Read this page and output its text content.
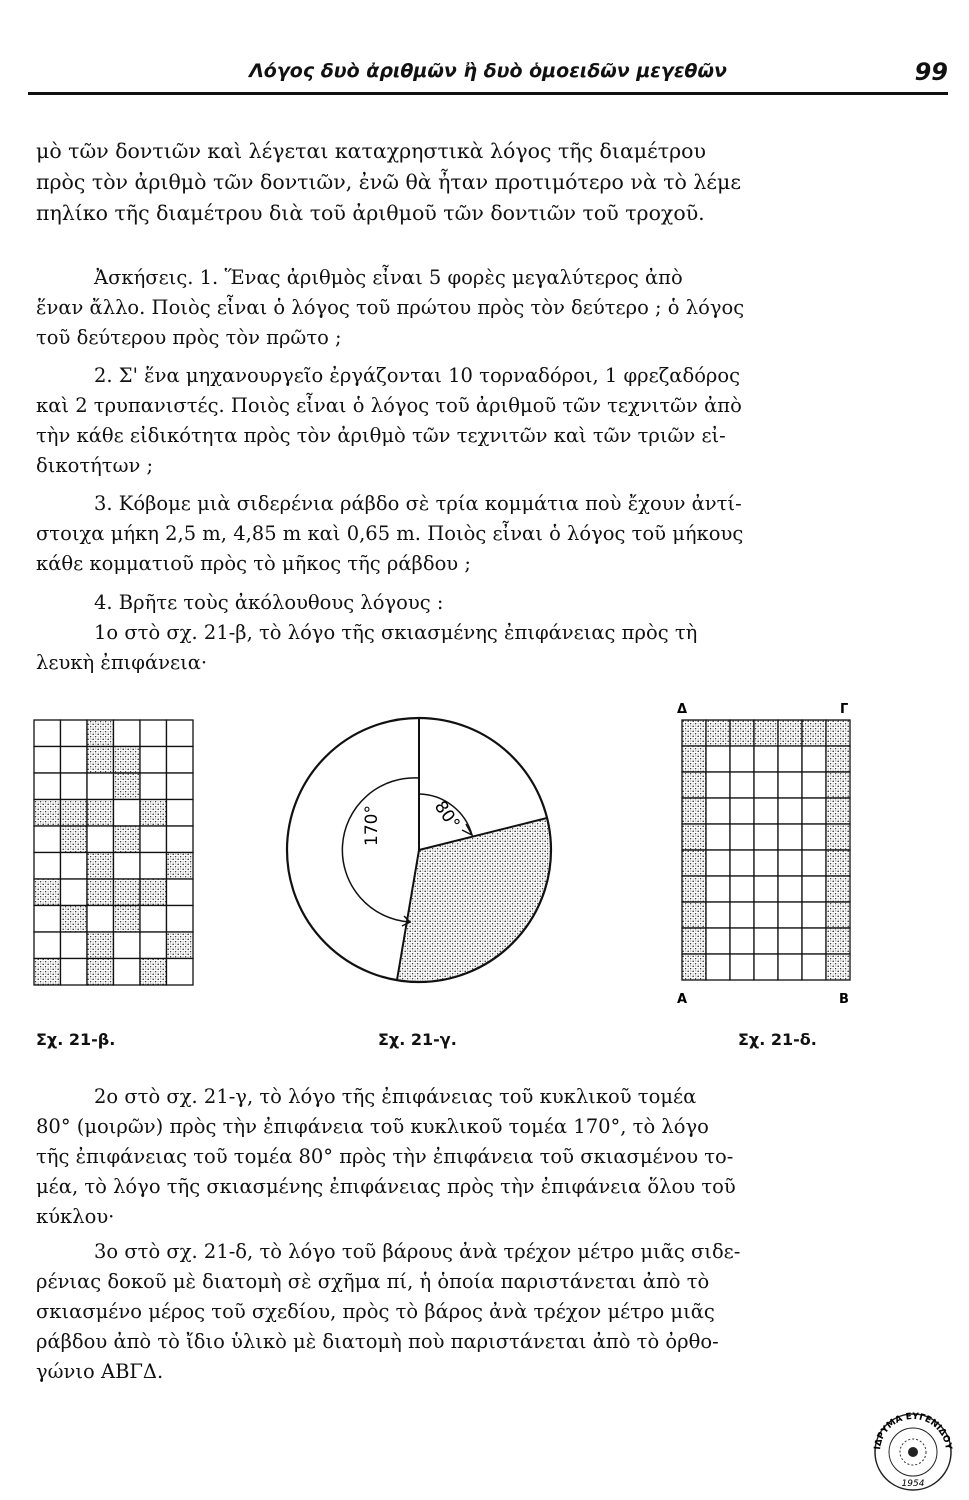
Λόγος δυὸ ἀριθμῶν ἢ δυὸ ὁμοειδῶν μεγεθῶν	99
μὸ τῶν δοντιῶν καὶ λέγεται καταχρηστικὰ λόγος τῆς διαμέτρου
πρὸς τὸν ἀριθμὸ τῶν δοντιῶν, ἐνῶ θὰ ἦταν προτιμότερο νὰ τὸ λέμε
πηλίκο τῆς διαμέτρου διὰ τοῦ ἀριθμοῦ τῶν δοντιῶν τοῦ τροχοῦ.
Ἀσκήσεις. 1. Ἕνας ἀριθμὸς εἶναι 5 φορὲς μεγαλύτερος ἀπὸ
ἕναν ἄλλο. Ποιὸς εἶναι ὁ λόγος τοῦ πρώτου πρὸς τὸν δεύτερο ; ὁ λόγος
τοῦ δεύτερου πρὸς τὸν πρῶτο ;
2. Σ' ἕνα μηχανουργεῖο ἐργάζονται 10 τορναδόροι, 1 φρεζαδόρος
καὶ 2 τρυπανιστές. Ποιὸς εἶναι ὁ λόγος τοῦ ἀριθμοῦ τῶν τεχνιτῶν ἀπὸ
τὴν κάθε εἰδικότητα πρὸς τὸν ἀριθμὸ τῶν τεχνιτῶν καὶ τῶν τριῶν εἰ-
δικοτήτων ;
3. Κόβομε μιὰ σιδερένια ράβδο σὲ τρία κομμάτια ποὺ ἔχουν ἀντί-
στοιχα μήκη 2,5 m, 4,85 m καὶ 0,65 m. Ποιὸς εἶναι ὁ λόγος τοῦ μήκους
κάθε κομματιοῦ πρὸς τὸ μῆκος τῆς ράβδου ;
4. Βρῆτε τοὺς ἀκόλουθους λόγους :
1ο στὸ σχ. 21-β, τὸ λόγο τῆς σκιασμένης ἐπιφάνειας πρὸς τὴ
λευκὴ ἐπιφάνεια·
80°
170°
Δ	Γ
Α	Β
Σχ. 21-β.	Σχ. 21-γ.	Σχ. 21-δ.
2ο στὸ σχ. 21-γ, τὸ λόγο τῆς ἐπιφάνειας τοῦ κυκλικοῦ τομέα
80° (μοιρῶν) πρὸς τὴν ἐπιφάνεια τοῦ κυκλικοῦ τομέα 170°, τὸ λόγο
τῆς ἐπιφάνειας τοῦ τομέα 80° πρὸς τὴν ἐπιφάνεια τοῦ σκιασμένου το-
μέα, τὸ λόγο τῆς σκιασμένης ἐπιφάνειας πρὸς τὴν ἐπιφάνεια ὅλου τοῦ
κύκλου·
3ο στὸ σχ. 21-δ, τὸ λόγο τοῦ βάρους ἀνὰ τρέχον μέτρο μιᾶς σιδε-
ρένιας δοκοῦ μὲ διατομὴ σὲ σχῆμα πί, ἡ ὁποία παριστάνεται ἀπὸ τὸ
σκιασμένο μέρος τοῦ σχεδίου, πρὸς τὸ βάρος ἀνὰ τρέχον μέτρο μιᾶς
ράβδου ἀπὸ τὸ ἴδιο ὑλικὸ μὲ διατομὴ ποὺ παριστάνεται ἀπὸ τὸ ὀρθο-
γώνιο ΑΒΓΔ.
ΙΔΡΥΜΑ ΕΥΓΕΝΙΔΟΥ
1954
